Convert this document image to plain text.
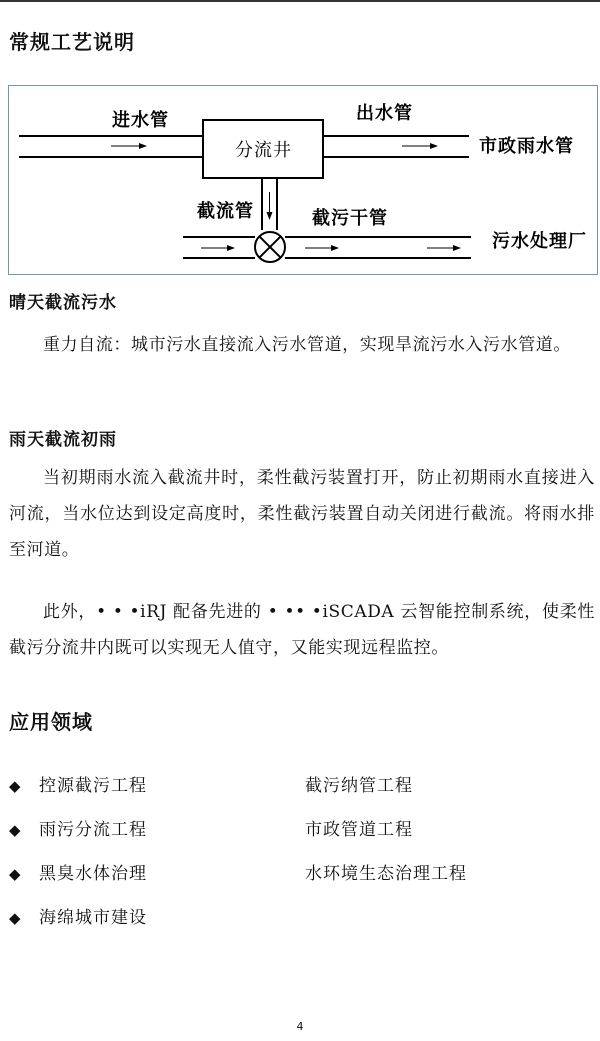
常规工艺说明
进水管	出水管
分流井	市政雨水管
截流管	截污干管
污水处理厂
晴天截流污水

重力自流：城市污水直接流入污水管道，实现旱流污水入污水管道。

雨天截流初雨

当初期雨水流入截流井时，柔性截污装置打开，防止初期雨水直接进入河流，当水位达到设定高度时，柔性截污装置自动关闭进行截流。将雨水排至河道。

此外，• • •iRJ 配备先进的 • •• •iSCADA 云智能控制系统，使柔性截污分流井内既可以实现无人值守，又能实现远程监控。

应用领域
◆ 控源截污工程	截污纳管工程
◆ 雨污分流工程	市政管道工程
◆ 黑臭水体治理	水环境生态治理工程
◆ 海绵城市建设
4
